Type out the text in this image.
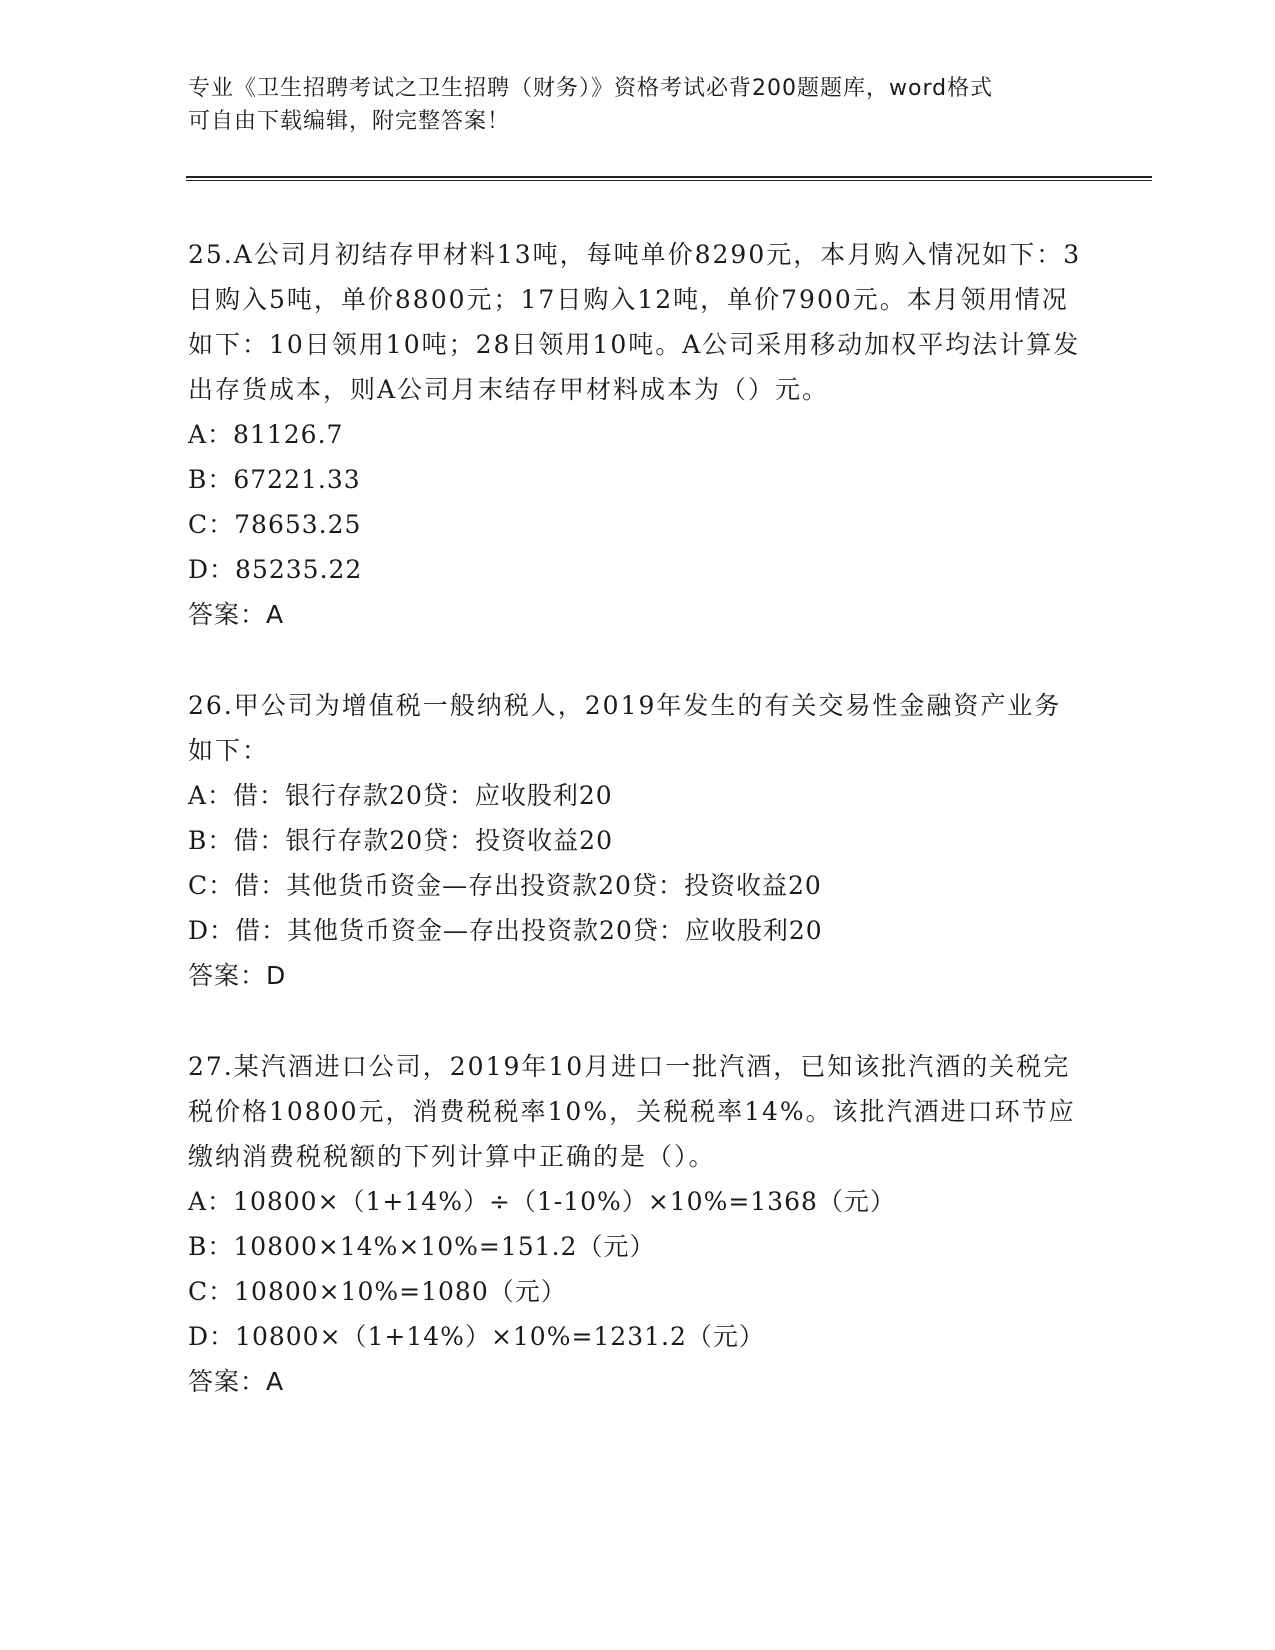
专业《卫生招聘考试之卫生招聘（财务）》资格考试必背200题题库，word格式
可自由下载编辑，附完整答案！

25.A公司月初结存甲材料13吨，每吨单价8290元，本月购入情况如下：3日购入5吨，单价8800元；17日购入12吨，单价7900元。本月领用情况如下：10日领用10吨；28日领用10吨。A公司采用移动加权平均法计算发出存货成本，则A公司月末结存甲材料成本为（）元。

A：81126.7

B：67221.33

C：78653.25

D：85235.22

答案：A

26.甲公司为增值税一般纳税人，2019年发生的有关交易性金融资产业务如下：

A：借：银行存款20贷：应收股利20

B：借：银行存款20贷：投资收益20

C：借：其他货币资金—存出投资款20贷：投资收益20

D：借：其他货币资金—存出投资款20贷：应收股利20

答案：D

27.某汽酒进口公司，2019年10月进口一批汽酒，已知该批汽酒的关税完税价格10800元，消费税税率10%，关税税率14%。该批汽酒进口环节应缴纳消费税税额的下列计算中正确的是（）。

A：10800×（1+14%）÷（1-10%）×10%=1368（元）

B：10800×14%×10%=151.2（元）

C：10800×10%=1080（元）

D：10800×（1+14%）×10%=1231.2（元）

答案：A
